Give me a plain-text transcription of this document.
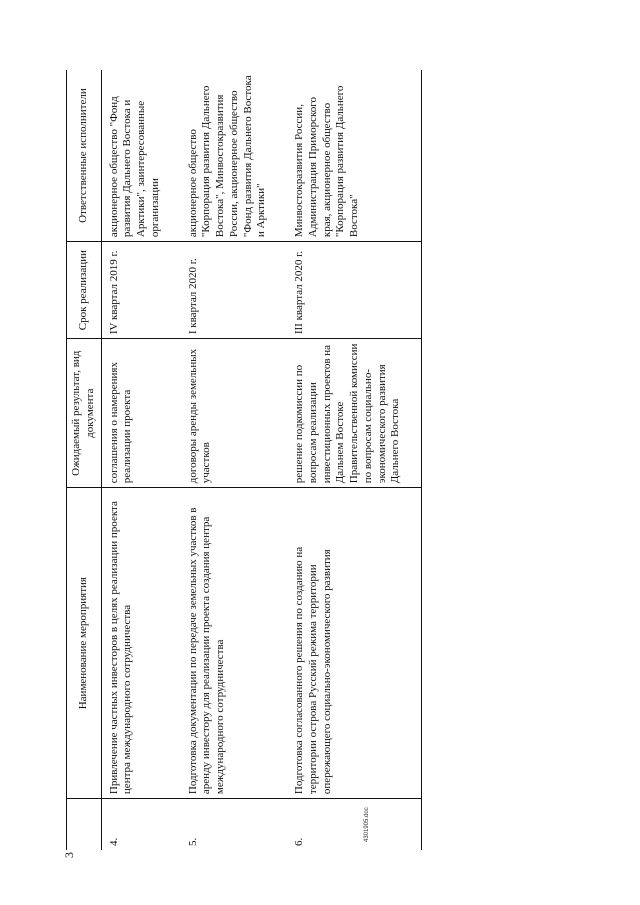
3
	Наименование мероприятия	Ожидаемый результат, вид документа	Срок реализации	Ответственные исполнители
4.	Привлечение частных инвесторов в целях реализации проекта центра международного сотрудничества	соглашения о намерениях реализации проекта	IV квартал 2019 г.	акционерное общество "Фонд развития Дальнего Востока и Арктики", заинтересованные организации
5.	Подготовка документации по передаче земельных участков в аренду инвестору для реализации проекта создания центра международного сотрудничества	договоры аренды земельных участков	I квартал 2020 г.	акционерное общество "Корпорация развития Дальнего Востока", Минвостокразвития России, акционерное общество "Фонд развития Дальнего Востока и Арктики"
6.	Подготовка согласованного решения по созданию на территории острова Русский режима территории опережающего социально-экономического развития	решение подкомиссии по вопросам реализации инвестиционных проектов на Дальнем Востоке Правительственной комиссии по вопросам социально-экономического развития Дальнего Востока	III квартал 2020 г.	Минвостокразвития России, Администрация Приморского края, акционерное общество "Корпорация развития Дальнего Востока"
4301905.doc
